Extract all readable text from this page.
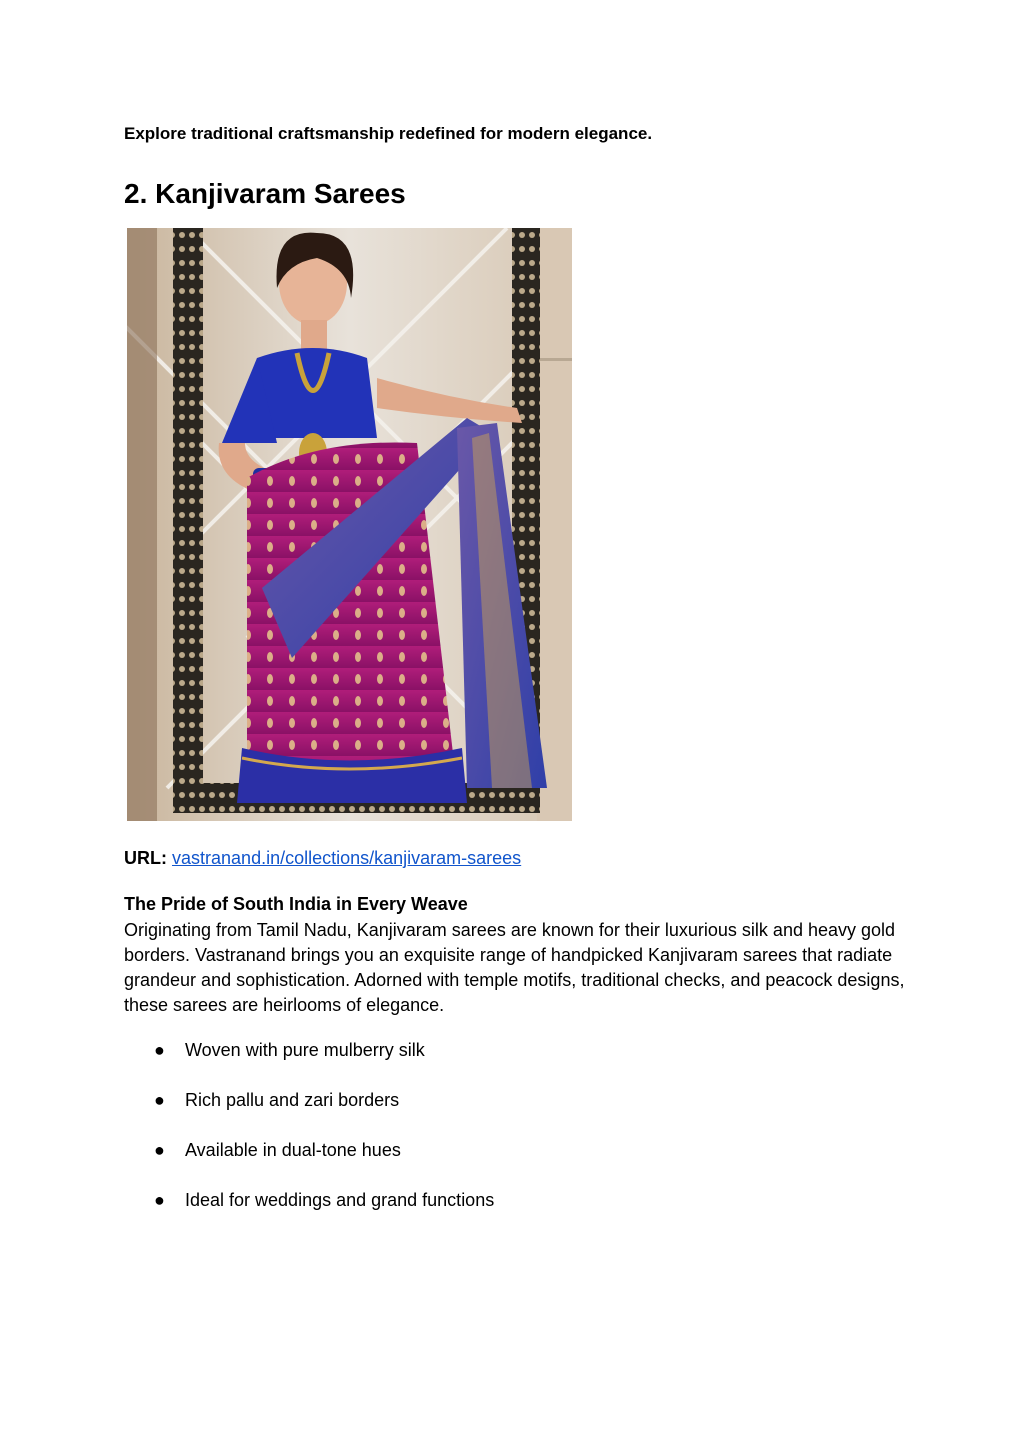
Explore traditional craftsmanship redefined for modern elegance.

2. Kanjivaram Sarees

URL: vastranand.in/collections/kanjivaram-sarees

The Pride of South India in Every Weave

Originating from Tamil Nadu, Kanjivaram sarees are known for their luxurious silk and heavy gold borders. Vastranand brings you an exquisite range of handpicked Kanjivaram sarees that radiate grandeur and sophistication. Adorned with temple motifs, traditional checks, and peacock designs, these sarees are heirlooms of elegance.

● Woven with pure mulberry silk
● Rich pallu and zari borders
● Available in dual-tone hues
● Ideal for weddings and grand functions
